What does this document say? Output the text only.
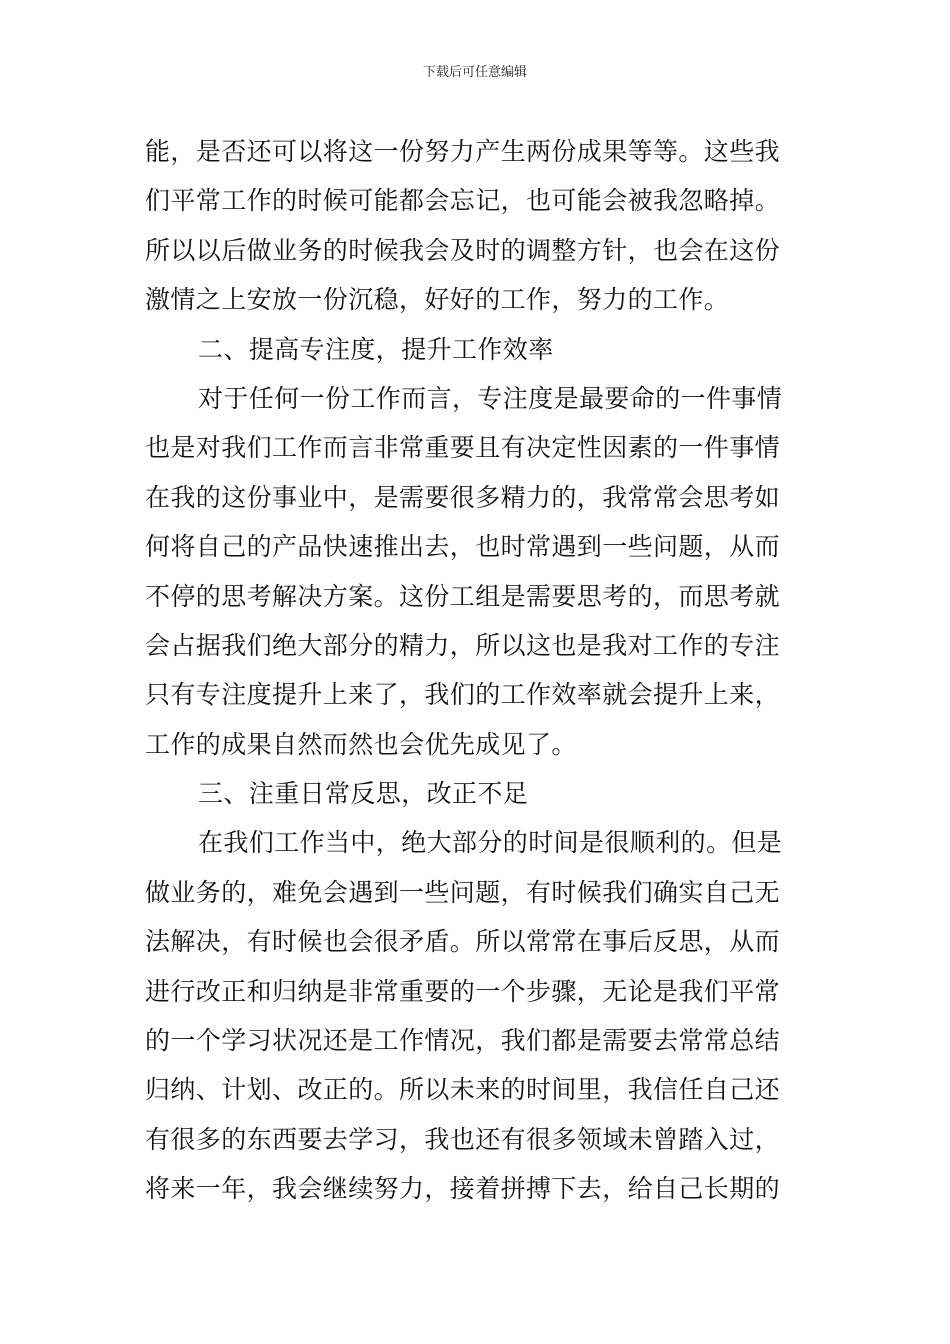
下载后可任意编辑
能，是否还可以将这一份努力产生两份成果等等。这些我
们平常工作的时候可能都会忘记，也可能会被我忽略掉。
所以以后做业务的时候我会及时的调整方针，也会在这份
激情之上安放一份沉稳，好好的工作，努力的工作。
二、提高专注度，提升工作效率
对于任何一份工作而言，专注度是最要命的一件事情
也是对我们工作而言非常重要且有决定性因素的一件事情
在我的这份事业中，是需要很多精力的，我常常会思考如
何将自己的产品快速推出去，也时常遇到一些问题，从而
不停的思考解决方案。这份工组是需要思考的，而思考就
会占据我们绝大部分的精力，所以这也是我对工作的专注
只有专注度提升上来了，我们的工作效率就会提升上来，
工作的成果自然而然也会优先成见了。
三、注重日常反思，改正不足
在我们工作当中，绝大部分的时间是很顺利的。但是
做业务的，难免会遇到一些问题，有时候我们确实自己无
法解决，有时候也会很矛盾。所以常常在事后反思，从而
进行改正和归纳是非常重要的一个步骤，无论是我们平常
的一个学习状况还是工作情况，我们都是需要去常常总结
归纳、计划、改正的。所以未来的时间里，我信任自己还
有很多的东西要去学习，我也还有很多领域未曾踏入过，
将来一年，我会继续努力，接着拼搏下去，给自己长期的
